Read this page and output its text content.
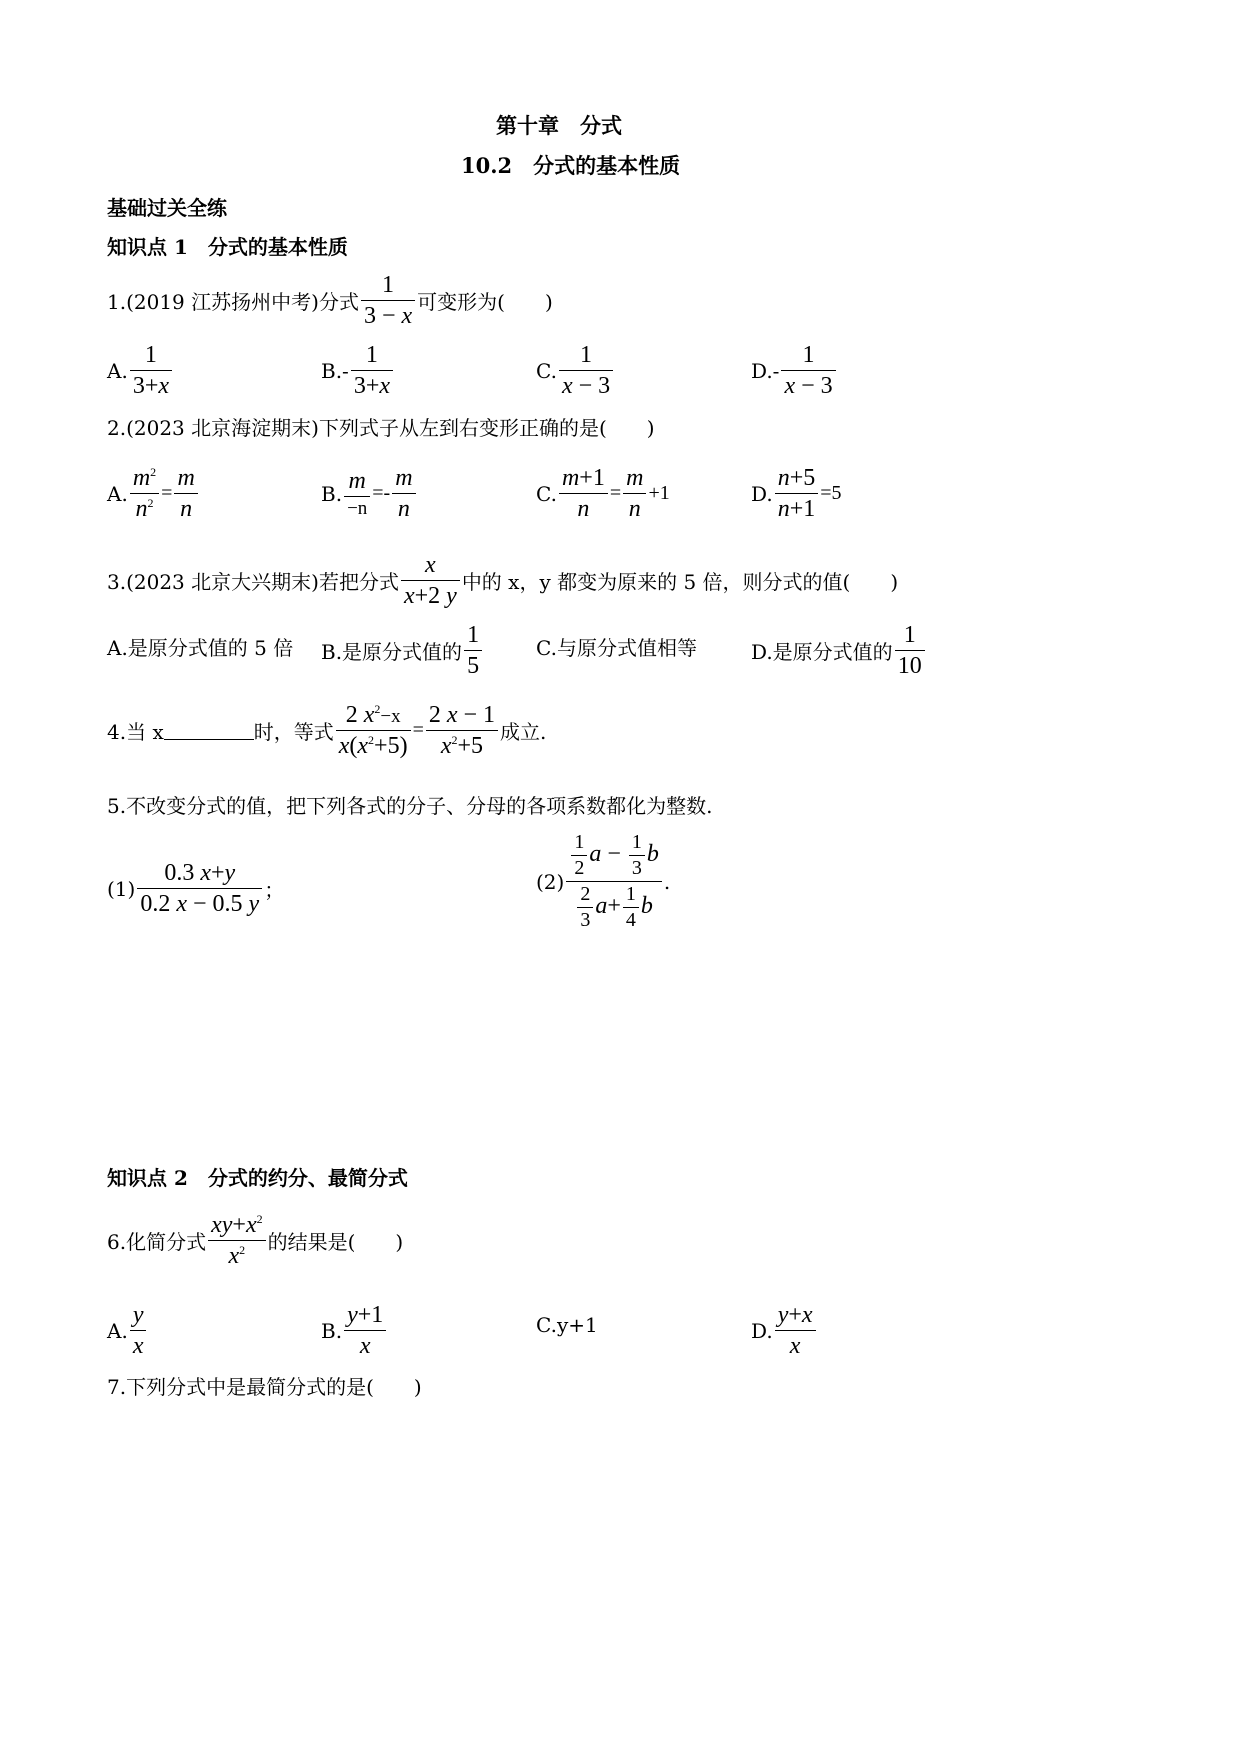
第十章　分式
10.2　分式的基本性质
基础过关全练
知识点 1　分式的基本性质
1.(2019 江苏扬州中考)分式 $\frac{1}{3 - x}$ 可变形为(　　)
A. $\frac{1}{3+x}$	$B.- \frac{1}{3+x}$	C. $\frac{1}{x - 3}$	$D.- \frac{1}{x - 3}$
2.(2023 北京海淀期末)下列式子从左到右变形正确的是(　　)
A. $\frac{m^2}{n^2} = \frac{m}{n}$	B. $\frac{m}{-n} =- \frac{m}{n}$	C. $\frac{m+1}{n} = \frac{m}{n} +1$	D. $\frac{n+5}{n+1} =5$
3.(2023 北京大兴期末)若把分式 $\frac{x}{x+2 y}$ 中的 x，y 都变为原来的 5 倍，则分式的值(　　)
A.是原分式值的 5 倍 B.是原分式值的 $\frac{1}{5}$	C.与原分式值相等	D.是原分式值的 $\frac{1}{10}$
4.当 x	时，等式 $\frac{2 x^2-x}{x(x^2+5)} = \frac{2 x - 1}{x^2+5}$ 成立.
5.不改变分式的值，把下列各式的分子、分母的各项系数都化为整数.
$(1) \frac{0.3 x+y}{0.2 x - 0.5 y}$ ；	$(2) \frac{\frac{1}{2} a - \frac{1}{3} b}{\frac{2}{3} a+ \frac{1}{4} b}$ .
知识点 2　分式的约分、最简分式
6.化简分式 $\frac{xy+x^2}{x^2}$ 的结果是(　　)
A. $\frac{y}{x}$	B. $\frac{y+1}{x}$	C.y+1	D. $\frac{y+x}{x}$
7.下列分式中是最简分式的是(　　)
